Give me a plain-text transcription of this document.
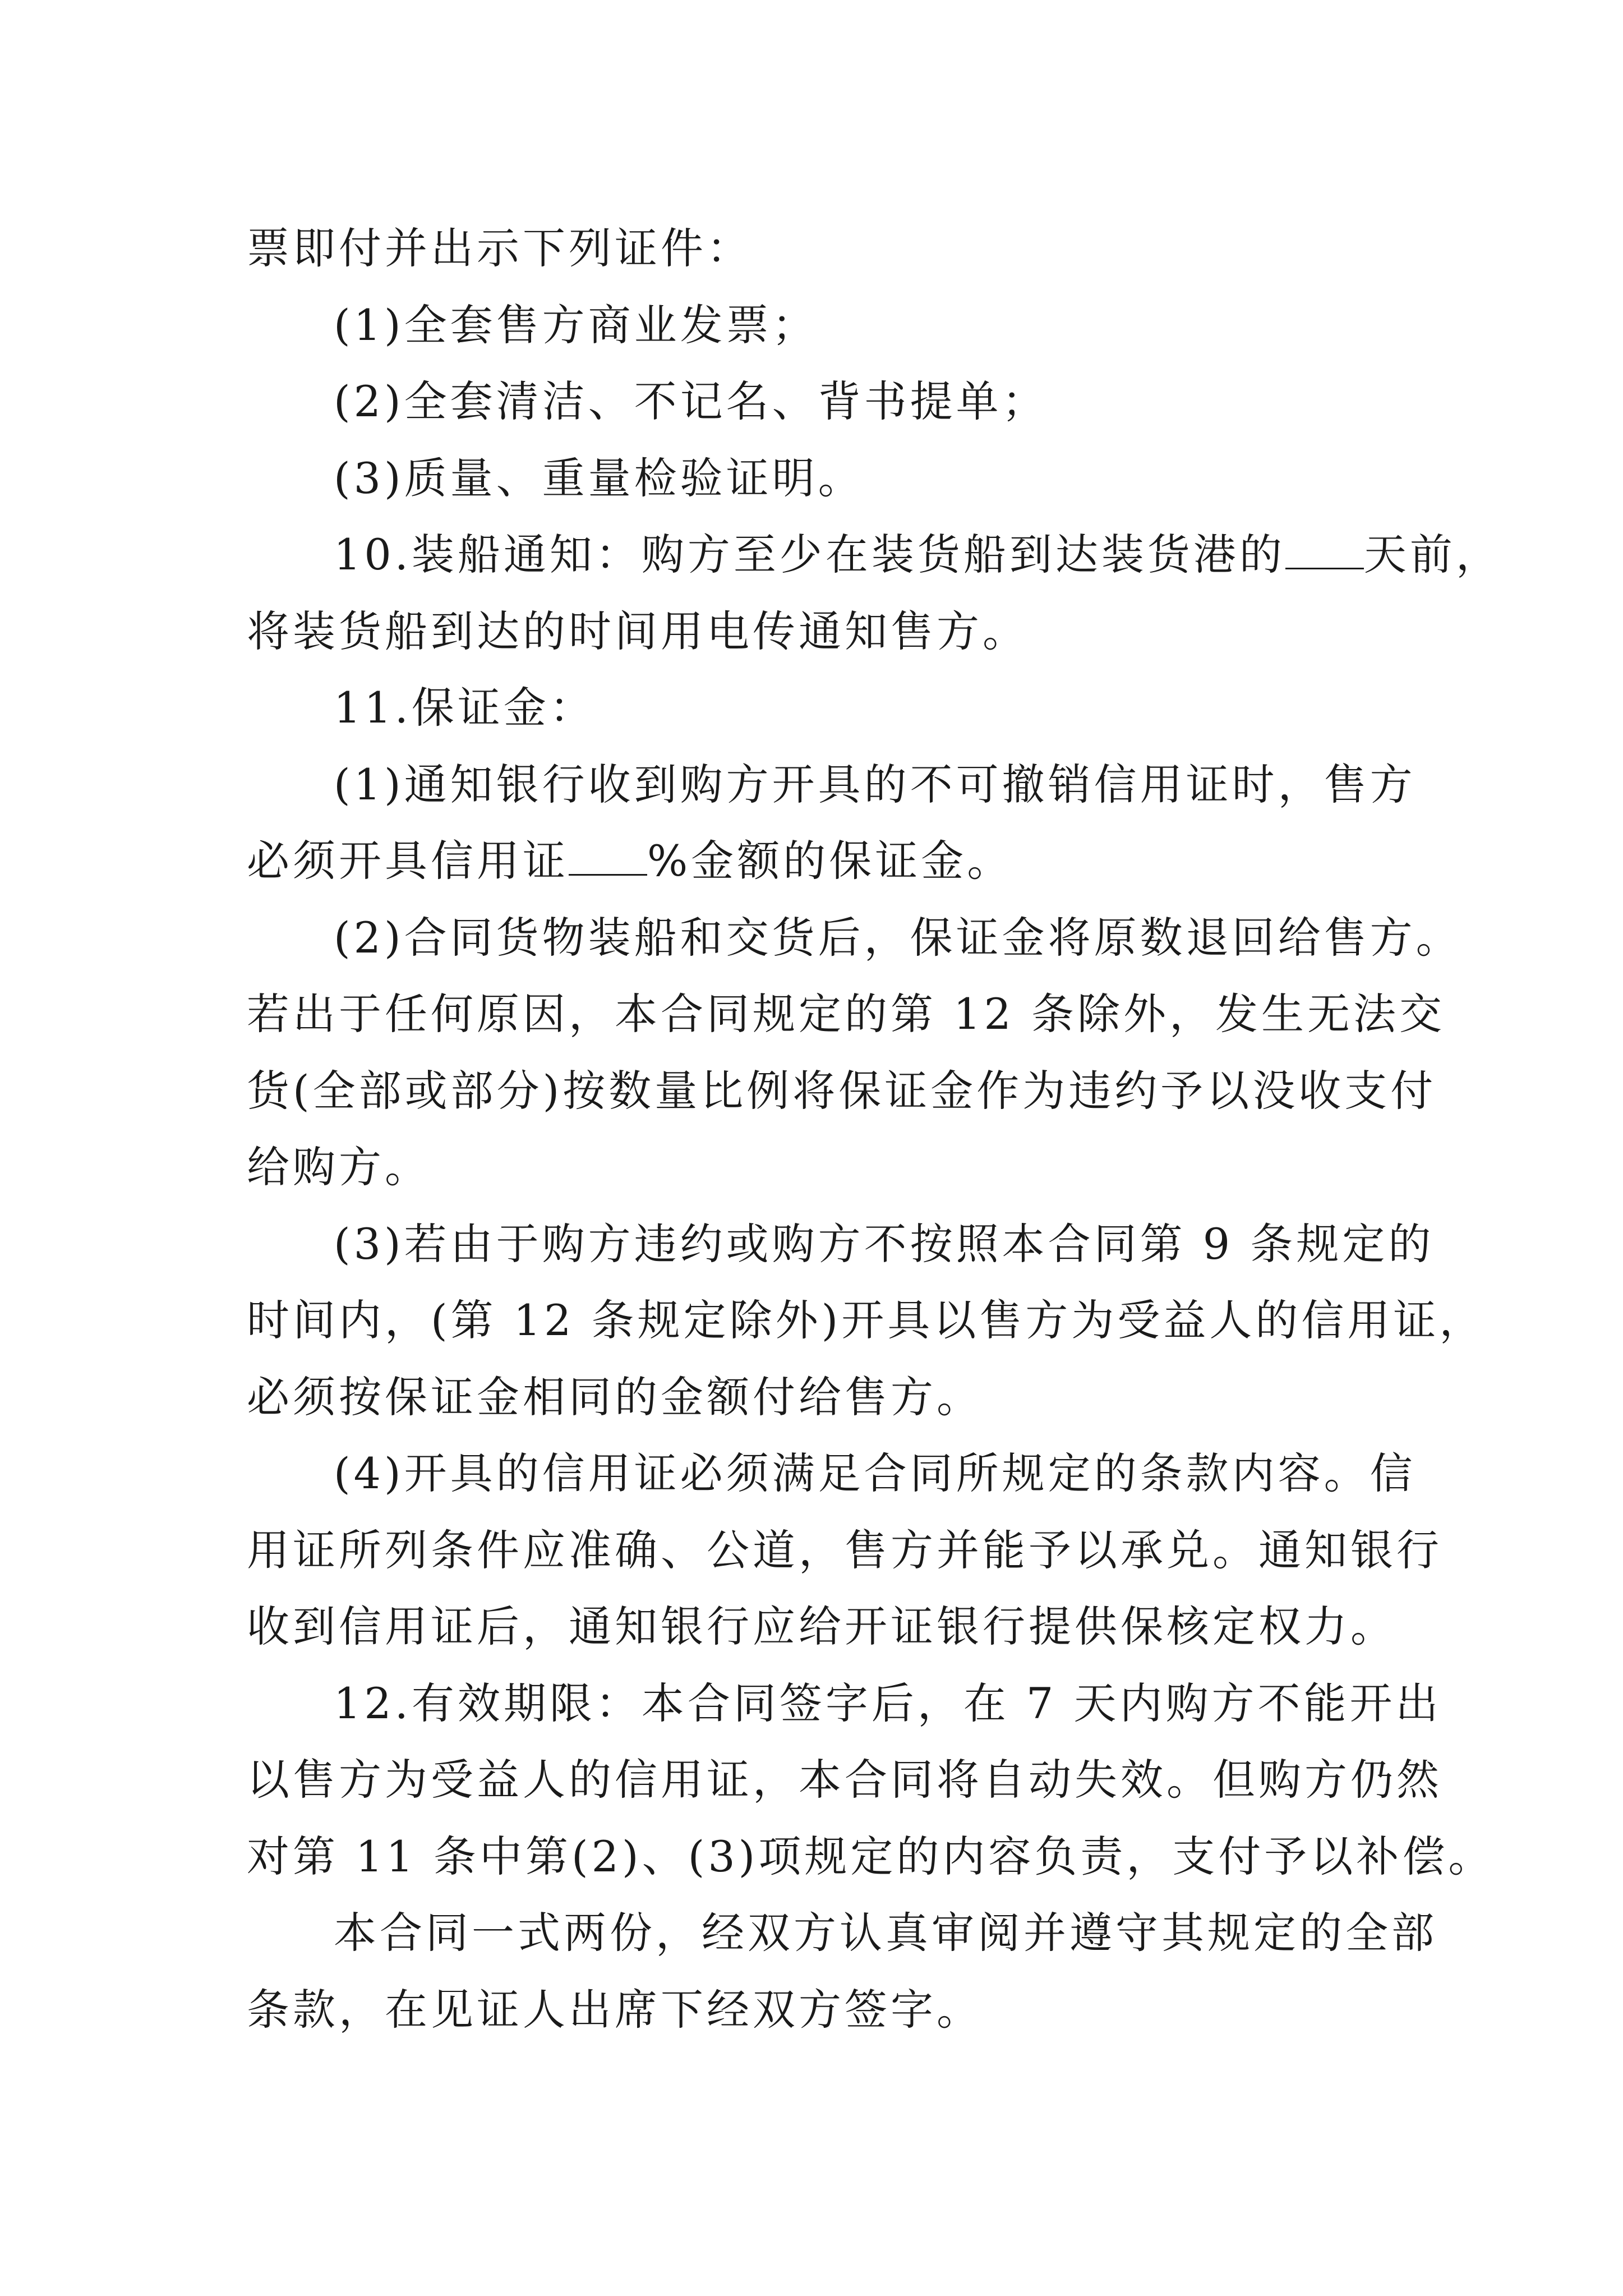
票即付并出示下列证件：
(1)全套售方商业发票；
(2)全套清洁、不记名、背书提单；
(3)质量、重量检验证明。
10.装船通知：购方至少在装货船到达装货港的 天前，
将装货船到达的时间用电传通知售方。
11.保证金：
(1)通知银行收到购方开具的不可撤销信用证时，售方
必须开具信用证 %金额的保证金。
(2)合同货物装船和交货后，保证金将原数退回给售方。
若出于任何原因，本合同规定的第 12 条除外，发生无法交
货(全部或部分)按数量比例将保证金作为违约予以没收支付
给购方。
(3)若由于购方违约或购方不按照本合同第 9 条规定的
时间内，(第 12 条规定除外)开具以售方为受益人的信用证，
必须按保证金相同的金额付给售方。
(4)开具的信用证必须满足合同所规定的条款内容。信
用证所列条件应准确、公道，售方并能予以承兑。通知银行
收到信用证后，通知银行应给开证银行提供保核定权力。
12.有效期限：本合同签字后，在 7 天内购方不能开出
以售方为受益人的信用证，本合同将自动失效。但购方仍然
对第 11 条中第(2)、(3)项规定的内容负责，支付予以补偿。
本合同一式两份，经双方认真审阅并遵守其规定的全部
条款，在见证人出席下经双方签字。
